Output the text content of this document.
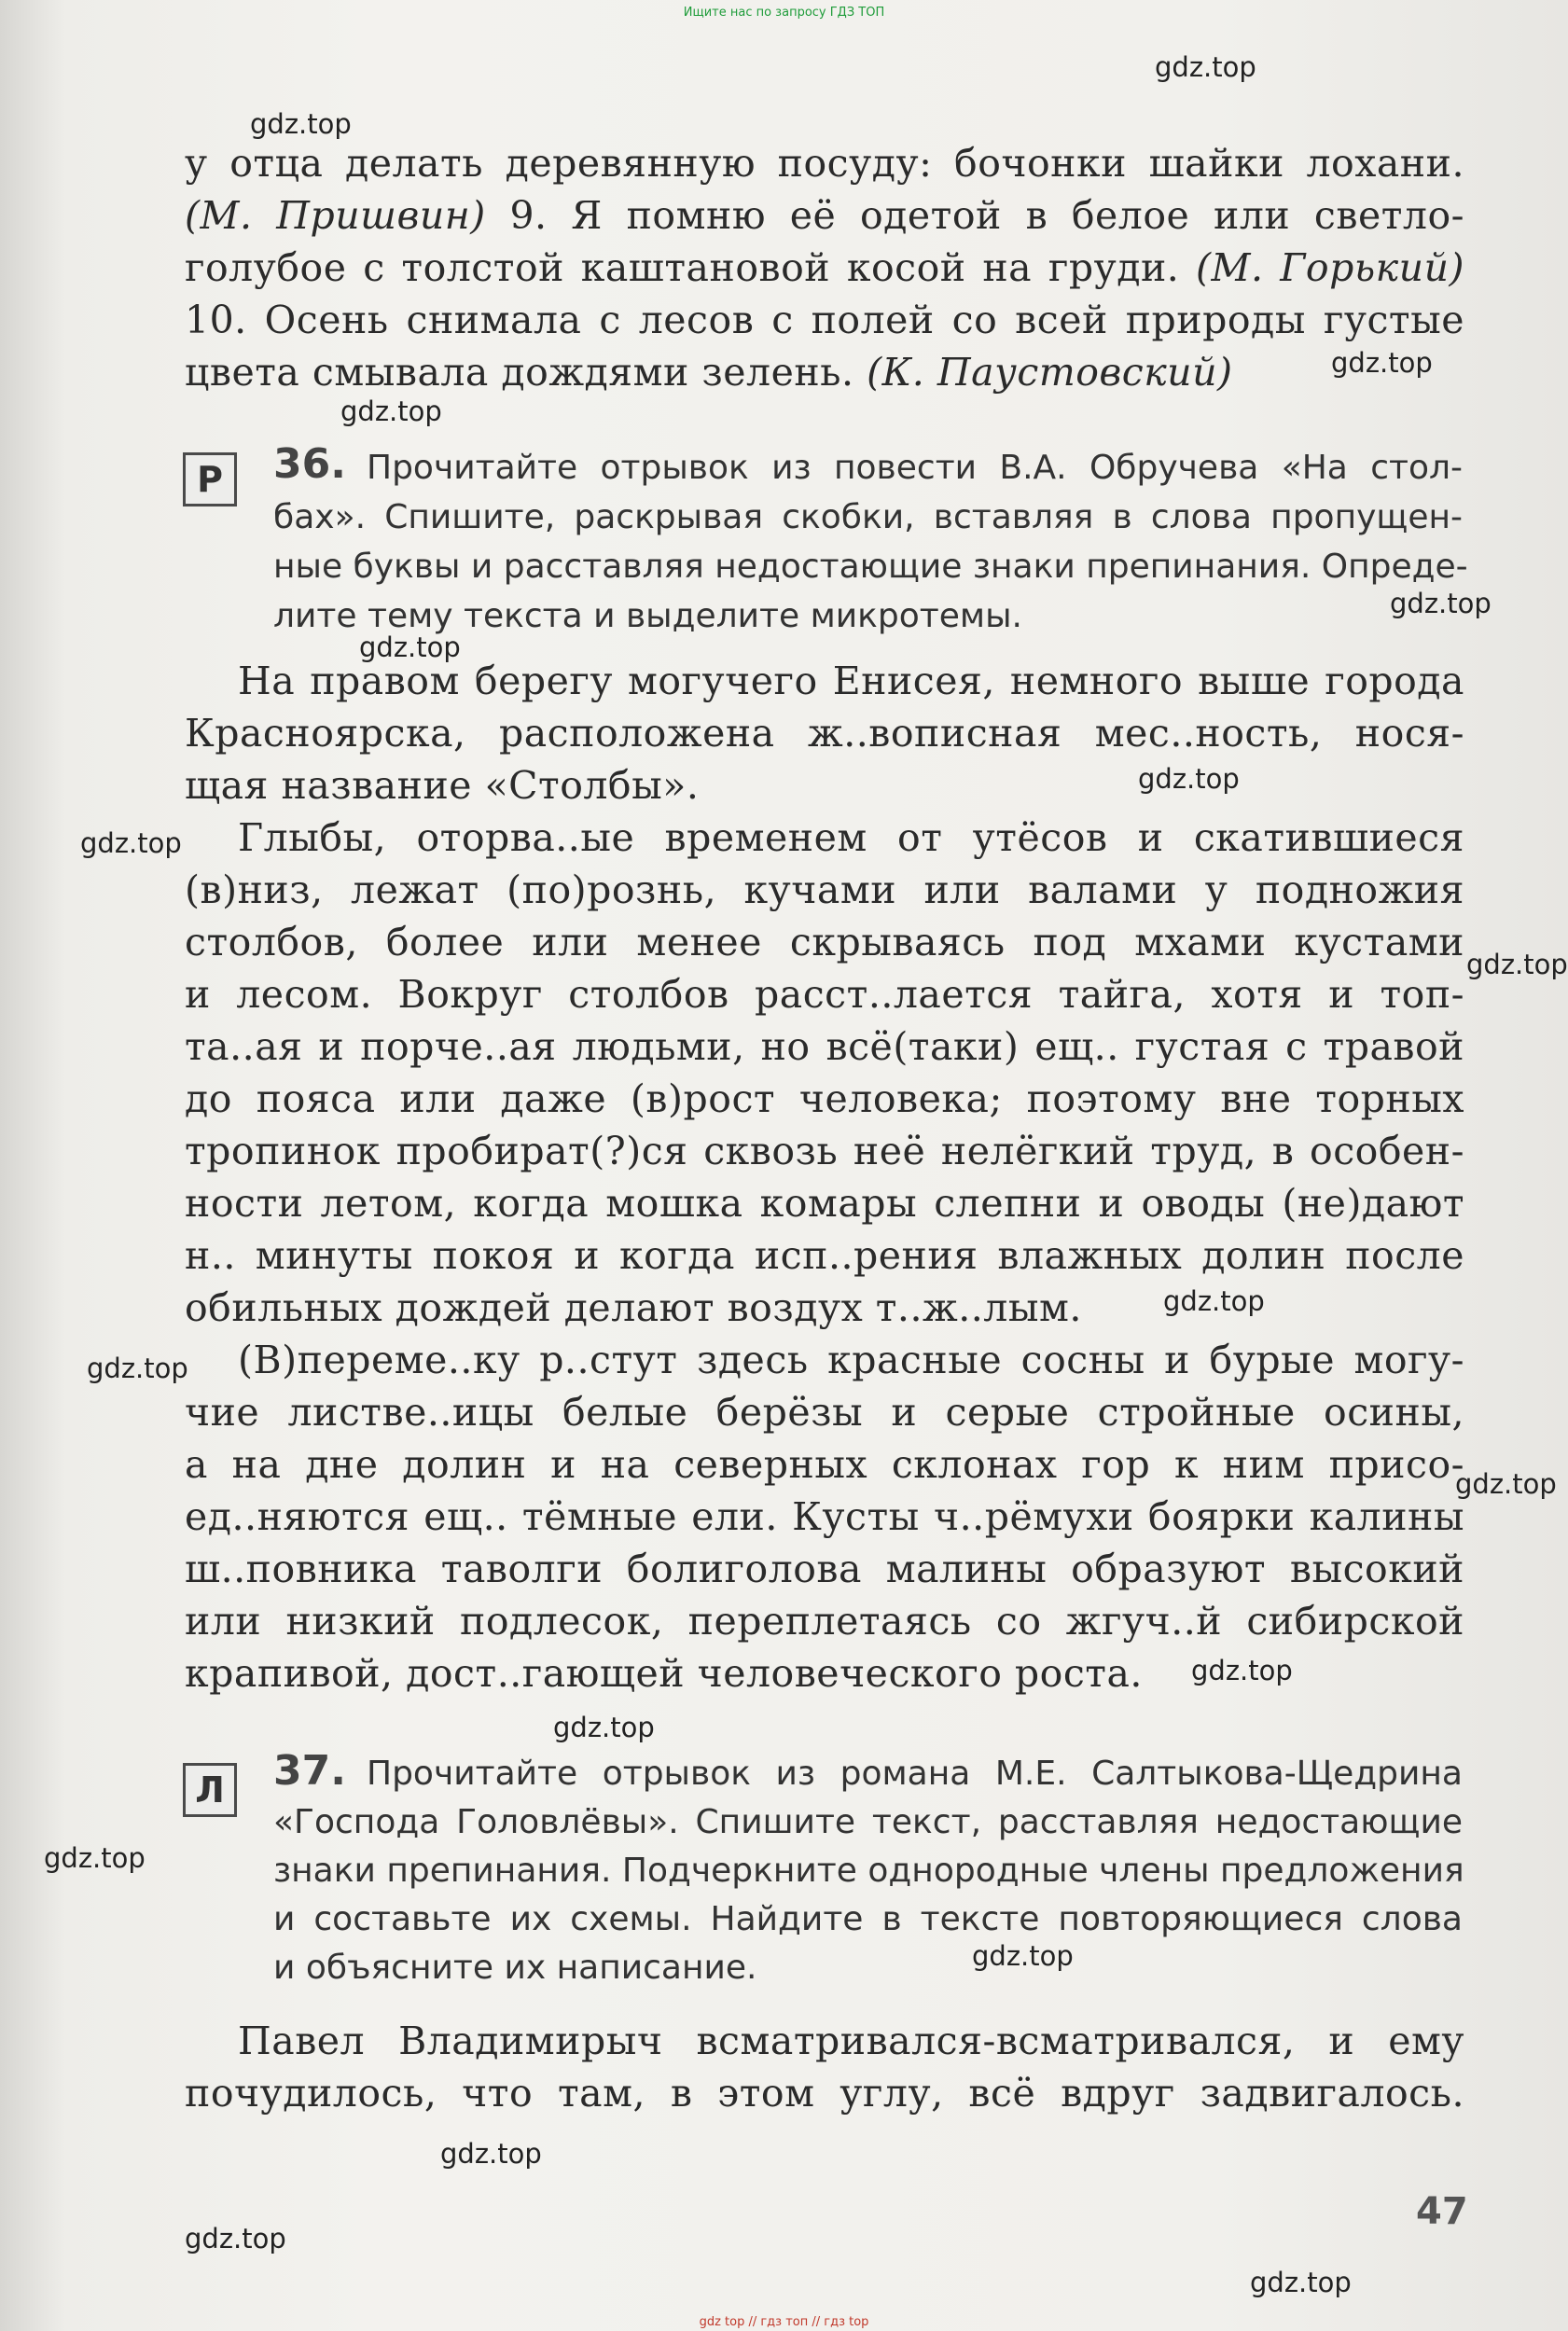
Ищите нас по запросу ГДЗ ТОП
у отца делать деревянную посуду: бочонки шайки лохани.
(М. Пришвин) 9. Я помню её одетой в белое или светло-
голубое с толстой каштановой косой на груди. (М. Горький)
10. Осень снимала с лесов с полей со всей природы густые
цвета смывала дождями зелень. (К. Паустовский)
Р	36. Прочитайте отрывок из повести В.А. Обручева «На стол-
бах». Спишите, раскрывая скобки, вставляя в слова пропущен-
ные буквы и расставляя недостающие знаки препинания. Опреде-
лите тему текста и выделите микротемы.
На правом берегу могучего Енисея, немного выше города
Красноярска, расположена ж..вописная мес..ность, нося-
щая название «Столбы».
Глыбы, оторва..ые временем от утёсов и скатившиеся
(в)низ, лежат (по)рознь, кучами или валами у подножия
столбов, более или менее скрываясь под мхами кустами
и лесом. Вокруг столбов расст..лается тайга, хотя и топ-
та..ая и порче..ая людьми, но всё(таки) ещ.. густая с травой
до пояса или даже (в)рост человека; поэтому вне торных
тропинок пробират(?)ся сквозь неё нелёгкий труд, в особен-
ности летом, когда мошка комары слепни и оводы (не)дают
н.. минуты покоя и когда исп..рения влажных долин после
обильных дождей делают воздух т..ж..лым.
(В)переме..ку р..стут здесь красные сосны и бурые могу-
чие листве..ицы белые берёзы и серые стройные осины,
а на дне долин и на северных склонах гор к ним присо-
ед..няются ещ.. тёмные ели. Кусты ч..рёмухи боярки калины
ш..повника таволги болиголова малины образуют высокий
или низкий подлесок, переплетаясь со жгуч..й сибирской
крапивой, дост..гающей человеческого роста.
Л	37. Прочитайте отрывок из романа М.Е. Салтыкова-Щедрина
«Господа Головлёвы». Спишите текст, расставляя недостающие
знаки препинания. Подчеркните однородные члены предложения
и составьте их схемы. Найдите в тексте повторяющиеся слова
и объясните их написание.
Павел Владимирыч всматривался-всматривался, и ему
почудилось, что там, в этом углу, всё вдруг задвигалось.
47
gdz.top
gdz.top
gdz.top
gdz.top
gdz.top
gdz.top
gdz.top
gdz.top
gdz.top
gdz.top
gdz.top
gdz.top
gdz.top
gdz.top
gdz.top
gdz.top
gdz.top
gdz.top
gdz.top
gdz top // гдз топ // гдз top
